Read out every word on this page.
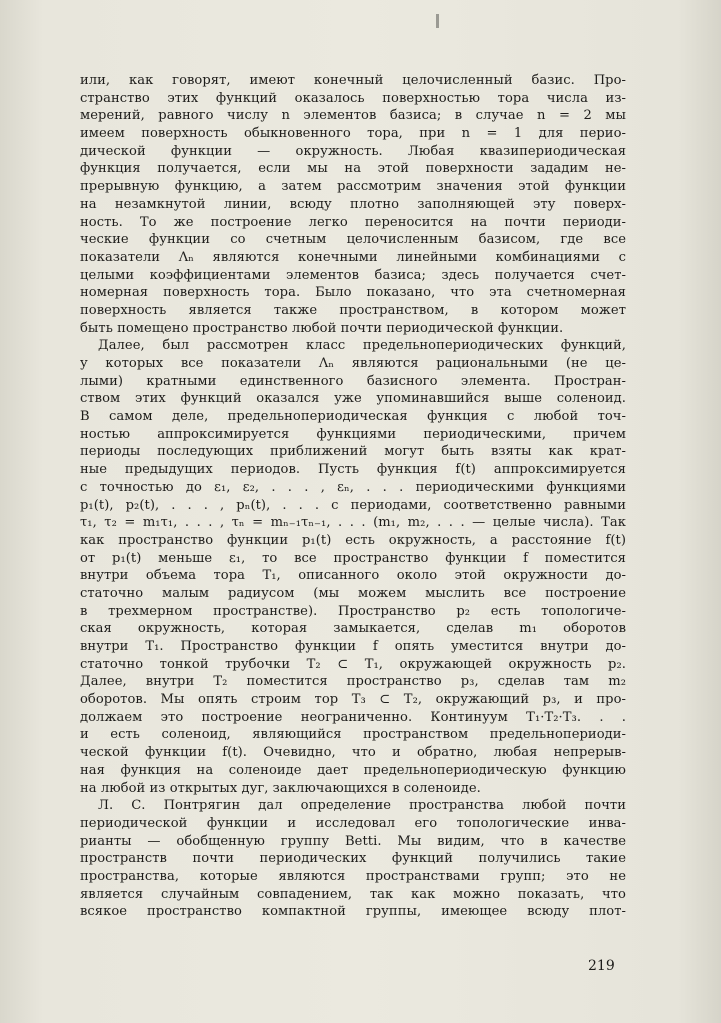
или, как говорят, имеют конечный целочисленный базис. Про-
странство этих функций оказалось поверхностью тора числа из-
мерений, равного числу n элементов базиса; в случае n = 2 мы
имеем поверхность обыкновенного тора, при n = 1 для перио-
дической функции — окружность. Любая квазипериодическая
функция получается, если мы на этой поверхности зададим не-
прерывную функцию, а затем рассмотрим значения этой функции
на незамкнутой линии, всюду плотно заполняющей эту поверх-
ность. То же построение легко переносится на почти периоди-
ческие функции со счетным целочисленным базисом, где все
показатели Λₙ являются конечными линейными комбинациями с
целыми коэффициентами элементов базиса; здесь получается счет-
номерная поверхность тора. Было показано, что эта счетномерная
поверхность является также пространством, в котором может
быть помещено пространство любой почти периодической функции.
Далее, был рассмотрен класс предельнопериодических функций,
у которых все показатели Λₙ являются рациональными (не це-
лыми) кратными единственного базисного элемента. Простран-
ством этих функций оказался уже упоминавшийся выше соленоид.
В самом деле, предельнопериодическая функция с любой точ-
ностью аппроксимируется функциями периодическими, причем
периоды последующих приближений могут быть взяты как крат-
ные предыдущих периодов. Пусть функция f(t) аппроксимируется
с точностью до ε₁, ε₂, . . . , εₙ, . . . периодическими функциями
p₁(t), p₂(t), . . . , pₙ(t), . . . с периодами, соответственно равными
τ₁, τ₂ = m₁τ₁, . . . , τₙ = mₙ₋₁τₙ₋₁, . . . (m₁, m₂, . . . — целые числа). Так
как пространство функции p₁(t) есть окружность, а расстояние f(t)
от p₁(t) меньше ε₁, то все пространство функции f поместится
внутри объема тора T₁, описанного около этой окружности до-
статочно малым радиусом (мы можем мыслить все построение
в трехмерном пространстве). Пространство p₂ есть топологиче-
ская окружность, которая замыкается, сделав m₁ оборотов
внутри T₁. Пространство функции f опять уместится внутри до-
статочно тонкой трубочки T₂ ⊂ T₁, окружающей окружность p₂.
Далее, внутри T₂ поместится пространство p₃, сделав там m₂
оборотов. Мы опять строим тор T₃ ⊂ T₂, окружающий p₃, и про-
должаем это построение неограниченно. Континуум T₁·T₂·T₃. . .
и есть соленоид, являющийся пространством предельнопериоди-
ческой функции f(t). Очевидно, что и обратно, любая непрерыв-
ная функция на соленоиде дает предельнопериодическую функцию
на любой из открытых дуг, заключающихся в соленоиде.
Л. С. Понтрягин дал определение пространства любой почти
периодической функции и исследовал его топологические инва-
рианты — обобщенную группу Betti. Мы видим, что в качестве
пространств почти периодических функций получились такие
пространства, которые являются пространствами групп; это не
является случайным совпадением, так как можно показать, что
всякое пространство компактной группы, имеющее всюду плот-
219
